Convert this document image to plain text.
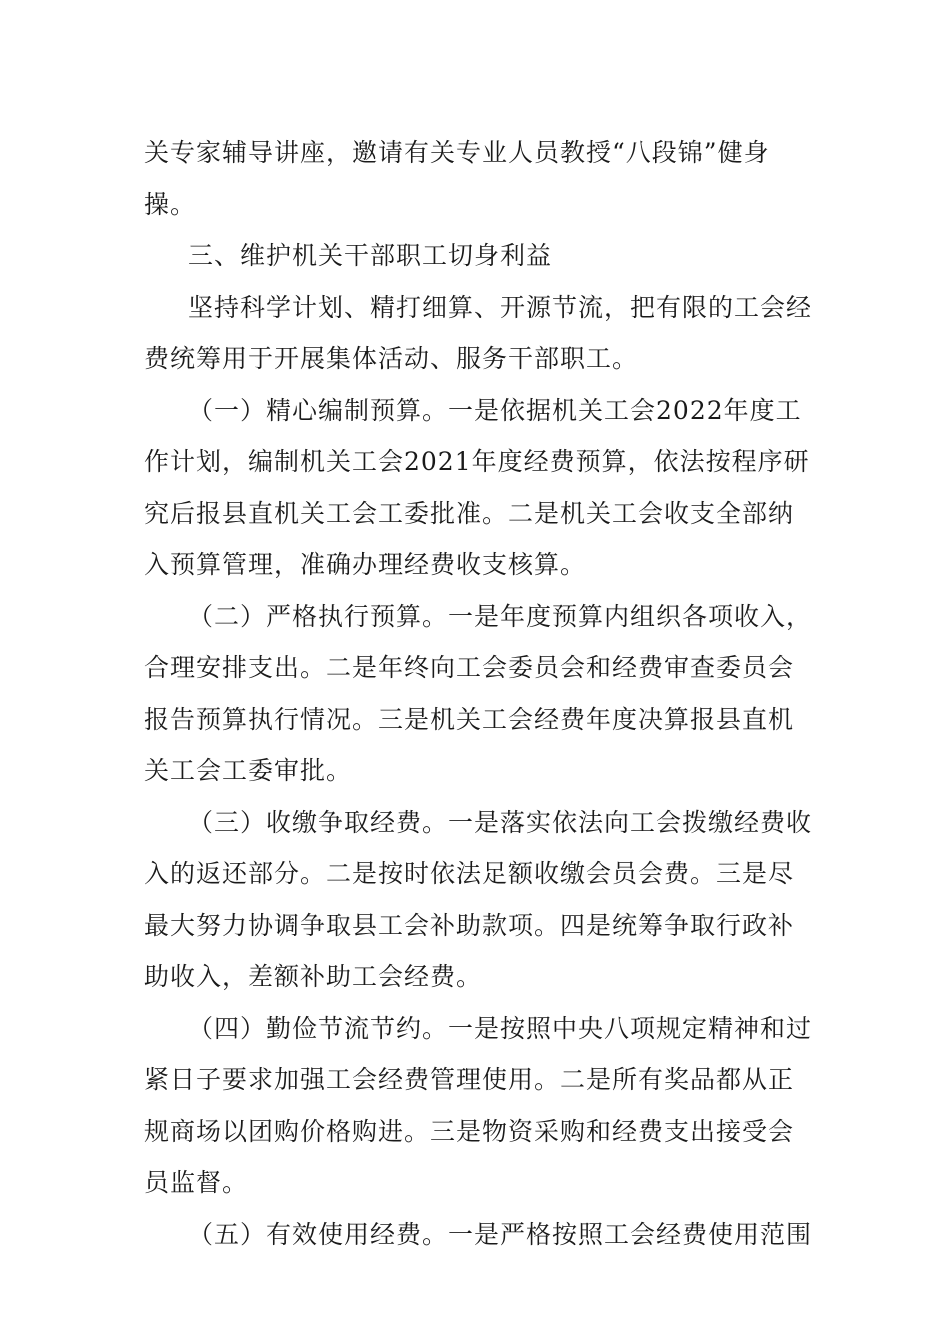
关专家辅导讲座，邀请有关专业人员教授“八段锦”健身
操。
三、维护机关干部职工切身利益
坚持科学计划、精打细算、开源节流，把有限的工会经
费统筹用于开展集体活动、服务干部职工。
（一）精心编制预算。一是依据机关工会2022年度工
作计划，编制机关工会2021年度经费预算，依法按程序研
究后报县直机关工会工委批准。二是机关工会收支全部纳
入预算管理，准确办理经费收支核算。
（二）严格执行预算。一是年度预算内组织各项收入，
合理安排支出。二是年终向工会委员会和经费审查委员会
报告预算执行情况。三是机关工会经费年度决算报县直机
关工会工委审批。
（三）收缴争取经费。一是落实依法向工会拨缴经费收
入的返还部分。二是按时依法足额收缴会员会费。三是尽
最大努力协调争取县工会补助款项。四是统筹争取行政补
助收入，差额补助工会经费。
（四）勤俭节流节约。一是按照中央八项规定精神和过
紧日子要求加强工会经费管理使用。二是所有奖品都从正
规商场以团购价格购进。三是物资采购和经费支出接受会
员监督。
（五）有效使用经费。一是严格按照工会经费使用范围
